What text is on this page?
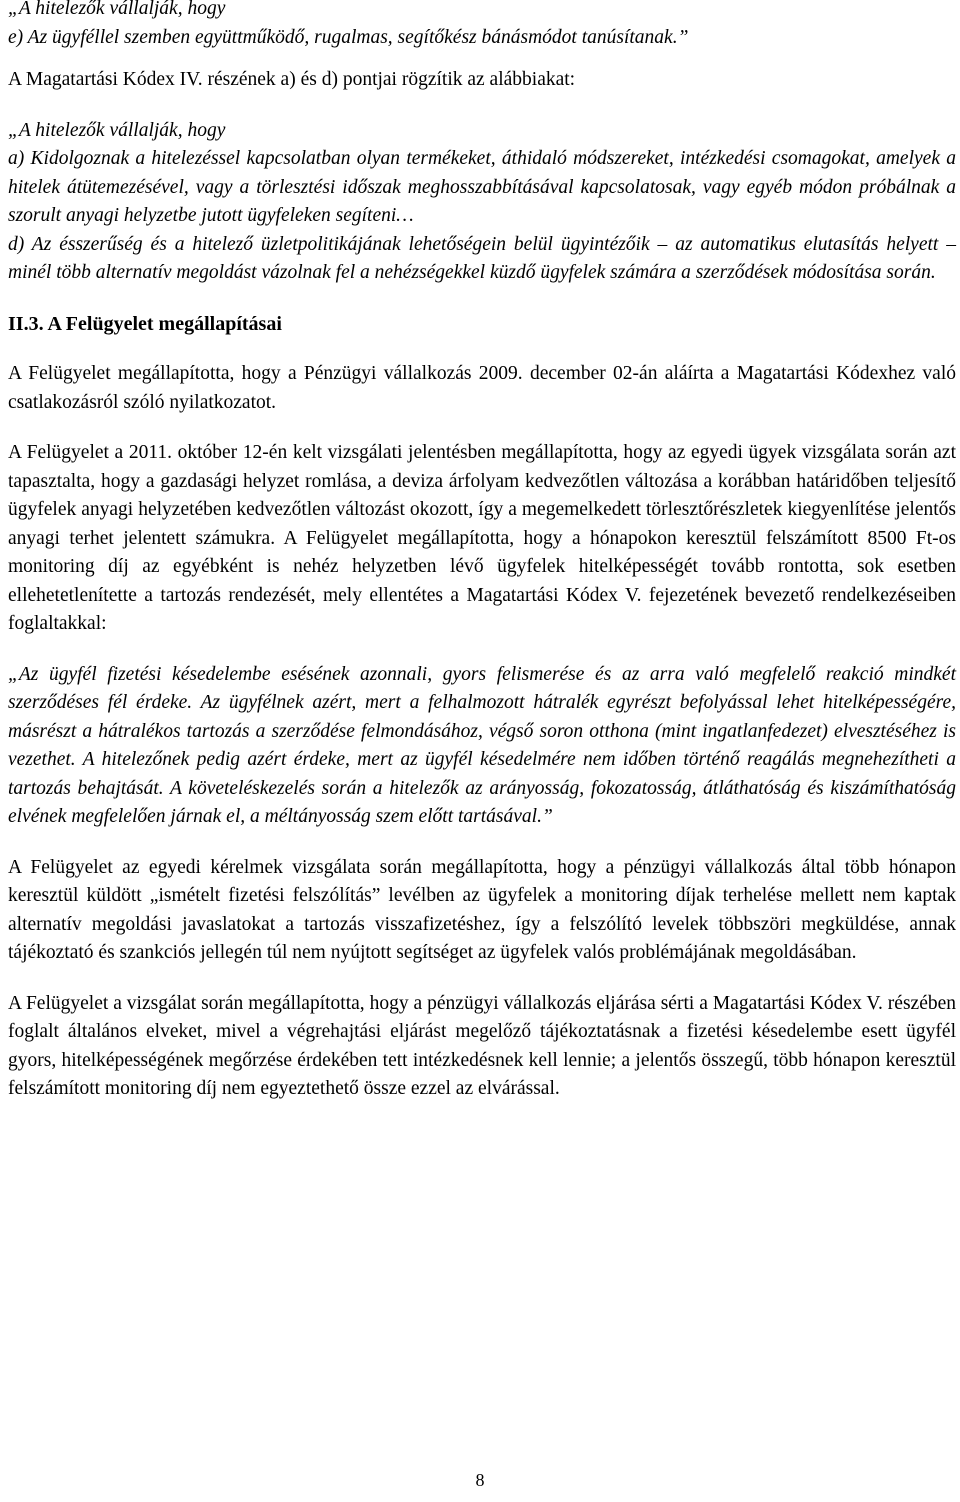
„A hitelezők vállalják, hogy

e) Az ügyféllel szemben együttműködő, rugalmas, segítőkész bánásmódot tanúsítanak.”

A Magatartási Kódex IV. részének a) és d) pontjai rögzítik az alábbiakat:

„A hitelezők vállalják, hogy

a) Kidolgoznak a hitelezéssel kapcsolatban olyan termékeket, áthidaló módszereket, intézkedési csomagokat, amelyek a hitelek átütemezésével, vagy a törlesztési időszak meghosszabbításával kapcsolatosak, vagy egyéb módon próbálnak a szorult anyagi helyzetbe jutott ügyfeleken segíteni…

d) Az ésszerűség és a hitelező üzletpolitikájának lehetőségein belül ügyintézőik – az automatikus elutasítás helyett – minél több alternatív megoldást vázolnak fel a nehézségekkel küzdő ügyfelek számára a szerződések módosítása során.

II.3. A Felügyelet megállapításai

A Felügyelet megállapította, hogy a Pénzügyi vállalkozás 2009. december 02-án aláírta a Magatartási Kódexhez való csatlakozásról szóló nyilatkozatot.

A Felügyelet a 2011. október 12-én kelt vizsgálati jelentésben megállapította, hogy az egyedi ügyek vizsgálata során azt tapasztalta, hogy a gazdasági helyzet romlása, a deviza árfolyam kedvezőtlen változása a korábban határidőben teljesítő ügyfelek anyagi helyzetében kedvezőtlen változást okozott, így a megemelkedett törlesztőrészletek kiegyenlítése jelentős anyagi terhet jelentett számukra. A Felügyelet megállapította, hogy a hónapokon keresztül felszámított 8500 Ft-os monitoring díj az egyébként is nehéz helyzetben lévő ügyfelek hitelképességét tovább rontotta, sok esetben ellehetetlenítette a tartozás rendezését, mely ellentétes a Magatartási Kódex V. fejezetének bevezető rendelkezéseiben foglaltakkal:

„Az ügyfél fizetési késedelembe esésének azonnali, gyors felismerése és az arra való megfelelő reakció mindkét szerződéses fél érdeke. Az ügyfélnek azért, mert a felhalmozott hátralék egyrészt befolyással lehet hitelképességére, másrészt a hátralékos tartozás a szerződése felmondásához, végső soron otthona (mint ingatlanfedezet) elvesztéséhez is vezethet. A hitelezőnek pedig azért érdeke, mert az ügyfél késedelmére nem időben történő reagálás megnehezítheti a tartozás behajtását. A követeléskezelés során a hitelezők az arányosság, fokozatosság, átláthatóság és kiszámíthatóság elvének megfelelően járnak el, a méltányosság szem előtt tartásával.”

A Felügyelet az egyedi kérelmek vizsgálata során megállapította, hogy a pénzügyi vállalkozás által több hónapon keresztül küldött „ismételt fizetési felszólítás” levélben az ügyfelek a monitoring díjak terhelése mellett nem kaptak alternatív megoldási javaslatokat a tartozás visszafizetéshez, így a felszólító levelek többszöri megküldése, annak tájékoztató és szankciós jellegén túl nem nyújtott segítséget az ügyfelek valós problémájának megoldásában.

A Felügyelet a vizsgálat során megállapította, hogy a pénzügyi vállalkozás eljárása sérti a Magatartási Kódex V. részében foglalt általános elveket, mivel a végrehajtási eljárást megelőző tájékoztatásnak a fizetési késedelembe esett ügyfél gyors, hitelképességének megőrzése érdekében tett intézkedésnek kell lennie; a jelentős összegű, több hónapon keresztül felszámított monitoring díj nem egyeztethető össze ezzel az elvárással.

8
